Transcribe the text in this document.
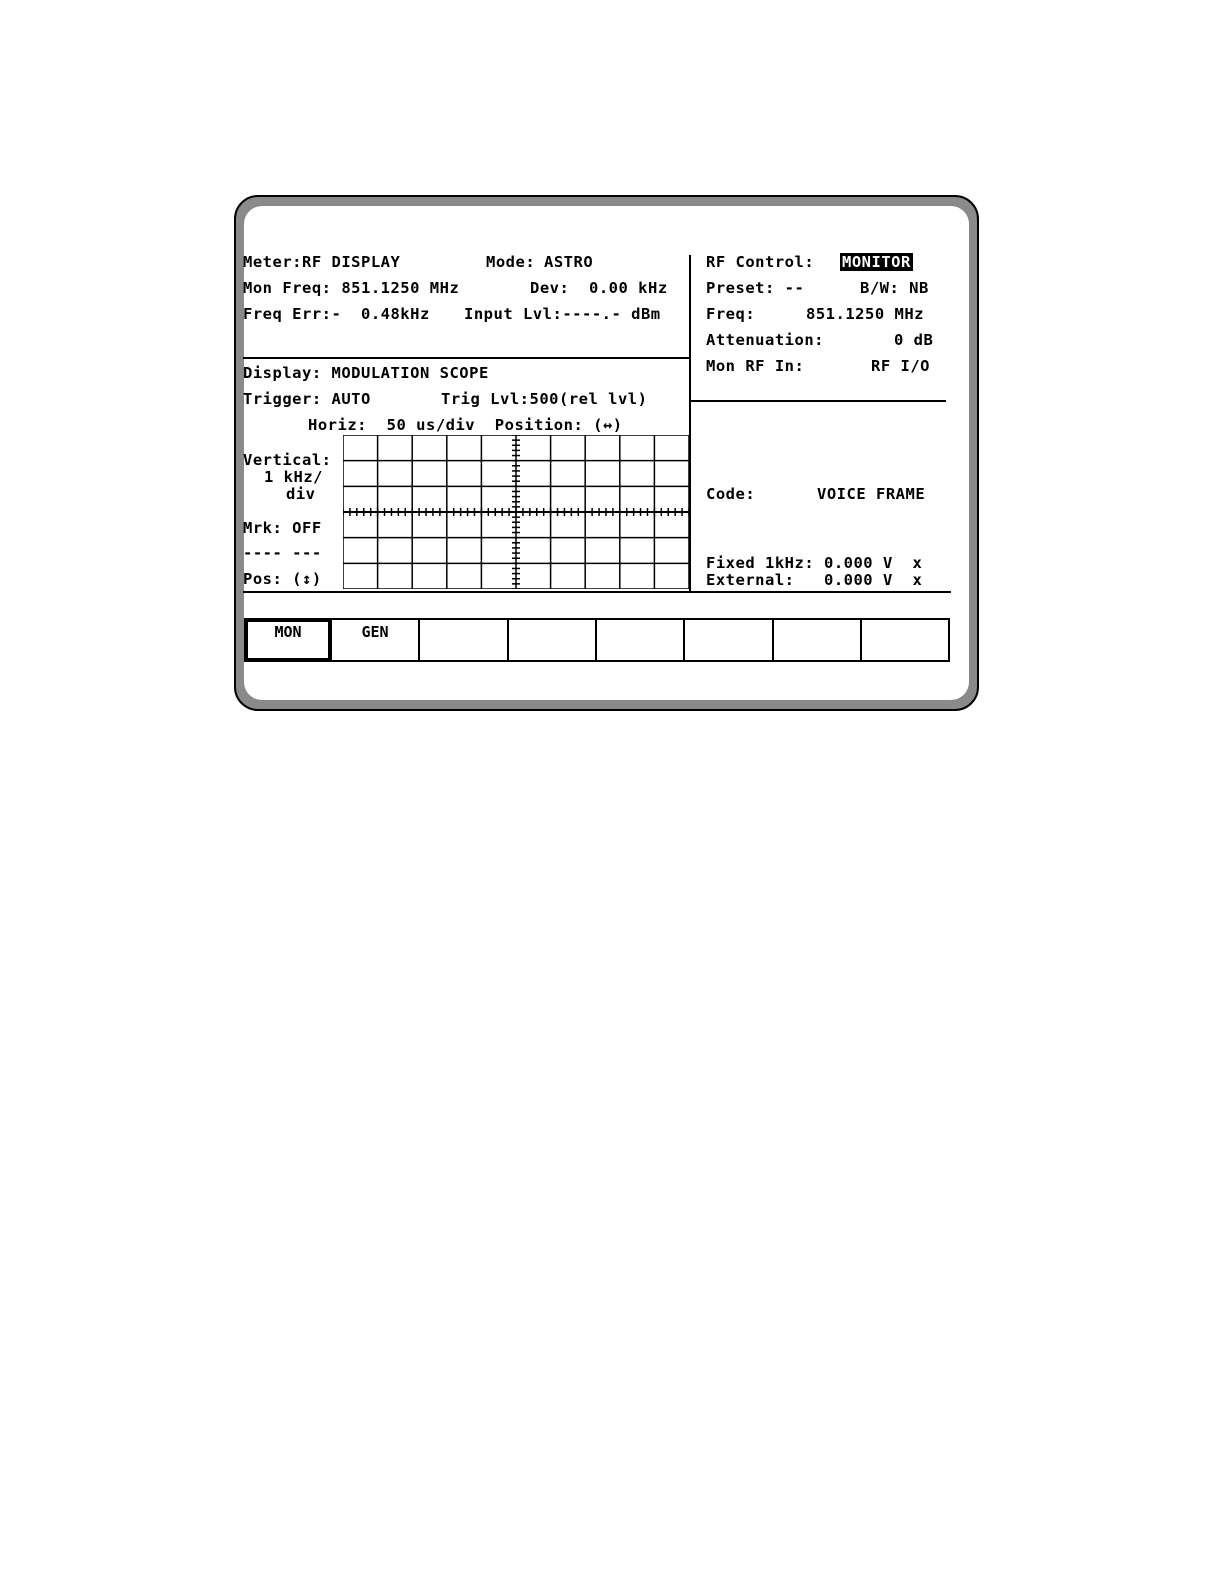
Meter:RF DISPLAY	Mode: ASTRO
Mon Freq: 851.1250 MHz	Dev:  0.00 kHz
Freq Err:-  0.48kHz Input Lvl:----.- dBm
Display: MODULATION SCOPE
Trigger: AUTO	Trig Lvl:500(rel lvl)
Horiz:  50 us/div  Position: (↔)
Vertical:
1 kHz/
div
Mrk: OFF
---- ---
Pos: (↕)
RF Control: MONITOR
Preset: --	B/W: NB
Freq:	851.1250 MHz
Attenuation:	0 dB
Mon RF In:	RF I/O
Code:	VOICE FRAME
Fixed 1kHz: 0.000 V  x
External:   0.000 V  x
MON	GEN
